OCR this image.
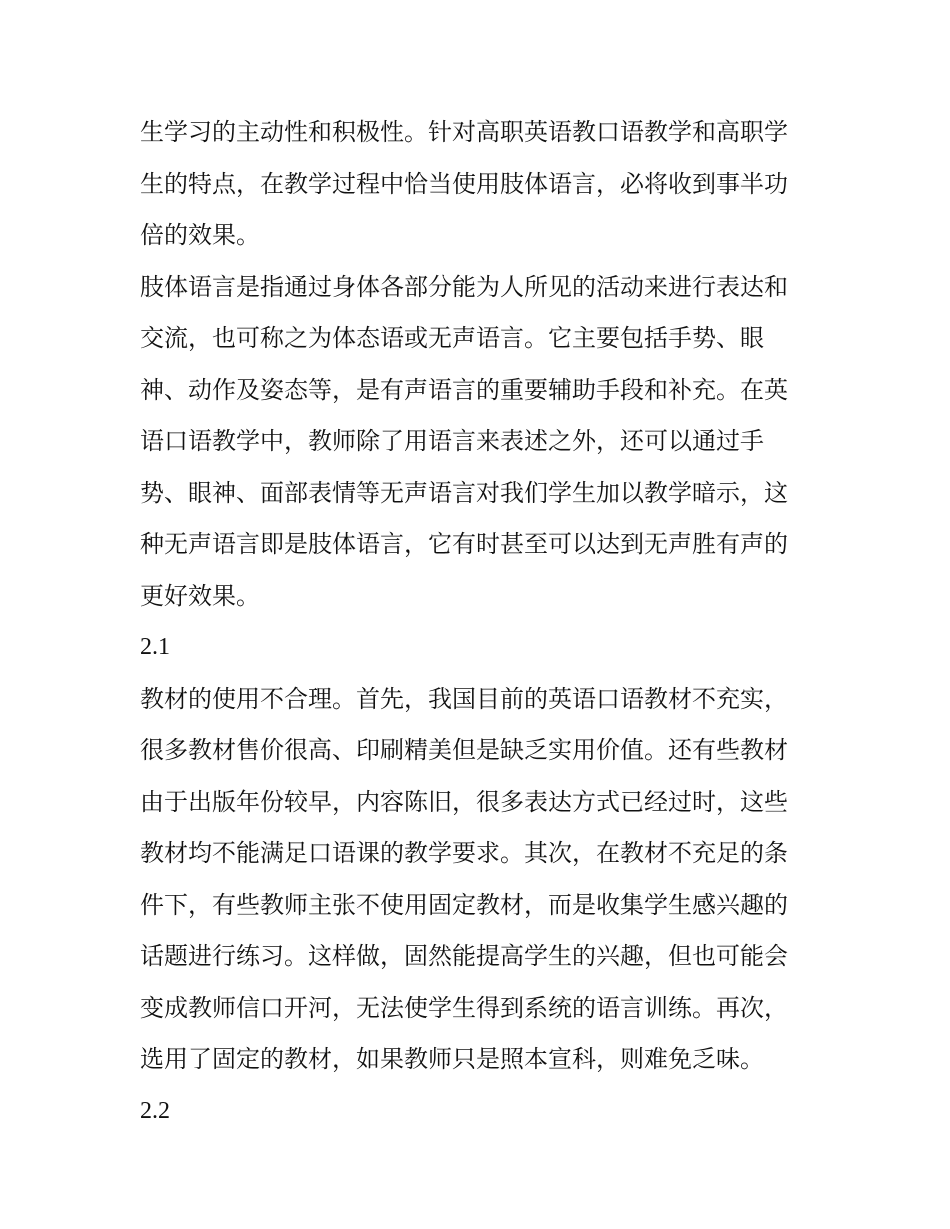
生学习的主动性和积极性。针对高职英语教口语教学和高职学
生的特点，在教学过程中恰当使用肢体语言，必将收到事半功
倍的效果。

肢体语言是指通过身体各部分能为人所见的活动来进行表达和
交流，也可称之为体态语或无声语言。它主要包括手势、眼
神、动作及姿态等，是有声语言的重要辅助手段和补充。在英
语口语教学中，教师除了用语言来表述之外，还可以通过手
势、眼神、面部表情等无声语言对我们学生加以教学暗示，这
种无声语言即是肢体语言，它有时甚至可以达到无声胜有声的
更好效果。

2.1

教材的使用不合理。首先，我国目前的英语口语教材不充实，
很多教材售价很高、印刷精美但是缺乏实用价值。还有些教材
由于出版年份较早，内容陈旧，很多表达方式已经过时，这些
教材均不能满足口语课的教学要求。其次，在教材不充足的条
件下，有些教师主张不使用固定教材，而是收集学生感兴趣的
话题进行练习。这样做，固然能提高学生的兴趣，但也可能会
变成教师信口开河，无法使学生得到系统的语言训练。再次，
选用了固定的教材，如果教师只是照本宣科，则难免乏味。

2.2
